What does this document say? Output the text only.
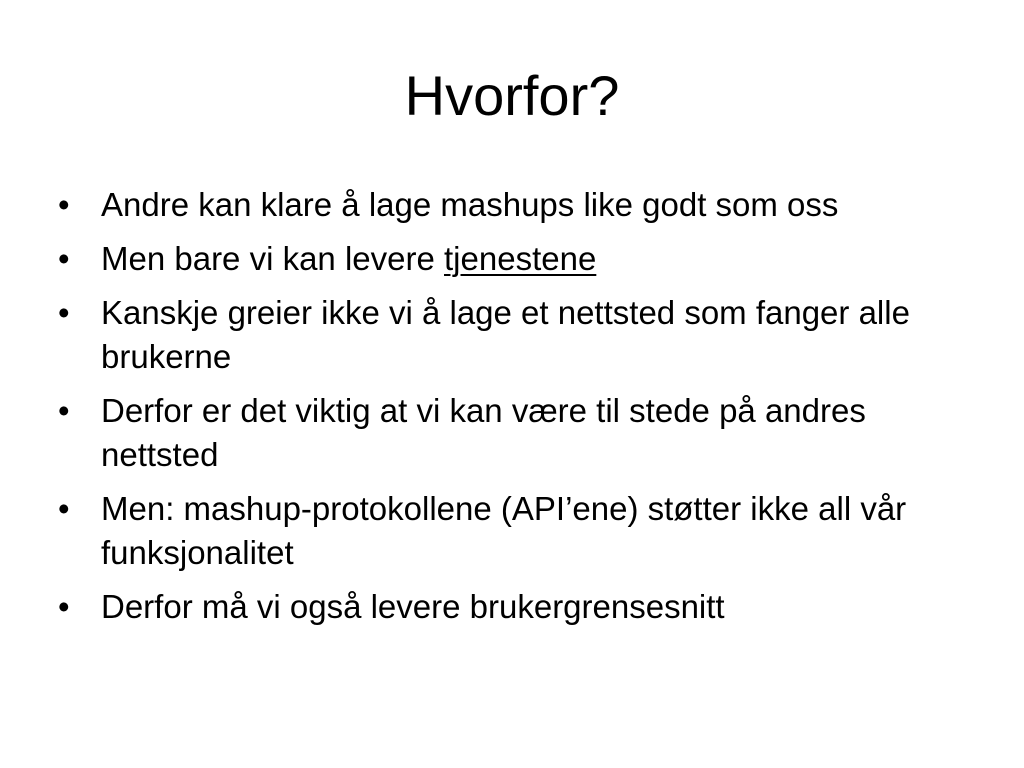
Hvorfor?
• Andre kan klare å lage mashups like godt som oss
• Men bare vi kan levere tjenestene
• Kanskje greier ikke vi å lage et nettsted som fanger alle brukerne
• Derfor er det viktig at vi kan være til stede på andres nettsted
• Men: mashup-protokollene (API’ene) støtter ikke all vår funksjonalitet
• Derfor må vi også levere brukergrensesnitt
